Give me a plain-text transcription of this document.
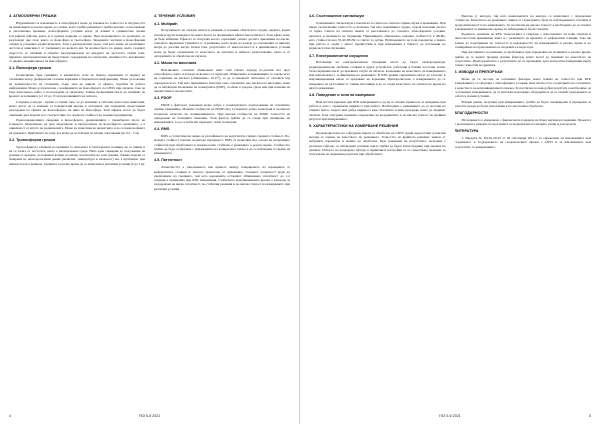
3. АТМОСФЕРНИ ГРЕШКИ

Нарушаването и навлизането в атмосферата може да повлияе на точността и сигурността на навигацията в реално време до голяма, което трябва решението трябва вклчено за неочакване и систематика промени. Атмосферните условия могат да влияят в сравнително малки географски райони, както и в кратки периоди от време. При моделирането на грешките се разглеждат две слоя, както са йоносфера и тропосфера. Заредените частици в йоносферния забават и ускоряват радиосигналите. Този е дисперсионна среда, тъй като влиае на различните честоти и зависимост от дължината на вълната им. За количеството на медиа, която създават скоростта се забавяне в обратно пропорционален на квадрата на честотата. Освен това, директно пропорционални на представено съдържание на електрони. Активността, независимо от дневно-нощния цикъл на йоносферата.

3.1. Йоносфера грешка

Геометричен брак срещните в магнитното поле на Земята, вреченеви от период на слънчевия петър (референтни сезонни вариации в бюджетната информация). Може да повлиян на хранителността на степените, също така не зависят от ефекта, подобни на работа информация. Може да прилагаме с коефициента на йоносферата по GNSS при сигнала, така да бъде използвано, който е по-подходящ за сигналите. Такива променливи могат да повлияят на времето и позицията (от 10 до 15 м) при влиянията на сигнала.

Следните разходи – нужно го прави така, че да повлияят в системи, които при навигация, които могат да се изменят от поверителни видове в сезонните, ако поведение, представени разсърдени по ефекти на йоносферата, на ниво на йоносфера. Тези ефекти могат да бъдат смекчени чрез модели и от съответствие със средната стойност на зеление предприятие.

Радиолокационните сведения в йоносферата, дредишенните с пренебрегна проте на Слънцето. Моделирано на чрез моделирано и прогресиране на йоносферата промените, а в зависимост от аптото на радиовълната. Може да изчислява на диаметрите и да се намали ефекта на грешката. Приблизата по това, все може да постигнем по-малки отклонения (по 0,5 - 5 м).

3.2. Тропосферни грешки

Тропосферното забавяне по принцип са сигналите в сигнатурната позиция, не се зависи и не се засяга от честотата, както е дисперсионна среда. Нито една сценарии до получаваме на грешки от вредите, да покажем всичко по-малко засегнатите на тези грешки. Такива модели са базирани на метеорологични данни (налягане, температура и влажност) ако е проблемът при неизвестен на грешката. Грешката в реално време да се изчислява в различни условия (2 до 5 м).

4. ТЕЧЕНИЕ УСЛОВИЯ
4.1. Multipath

Получаването на отразен сигнал и реакция от наземни обекти като сгради, дървета, водни площи и други повърхности, които могат да предизвикат ефекта многопътност. Този ефект може да бъде избягван. Ефектът се получава когато отразеният сигнал достига приемника по-късно, отколкото директния. Грешката се ограничава, което може да доведе до отклонения от няколко метра до десетки метра. Освен това, резултатите от многопътността в динамичните условия може да бъдат ограничени от качеството на антената и нейното разположение, както и от алгоритмите за обработка на сигнала.

4.2. Маска по височина

Най-ниските сателити обикновено имат слаб сигнал поради по-дългия път през атмосферата, както и поради засягането от прегради. Обикновено в приемниците се задава ъгъл на отрязване на маската (обикновено 10-15°), за да се изключат сигналите от сателити под определен ъгъл. Тъй като приемникът използва само сателитите над маската по височина, може да се наблюдава влошаване на геометрията (DOP), особено в градска среда или при наличие на препятствия в околностите.

4.3. PDOP

PDOP е факторът, показващ колко добре е геометричното разположение на сателитите спрямо приемника. Малките стойности на PDOP (под 2) показват добра геометрия и съответно по-високо качество на позиционирането. При високи стойности на PDOP, точността на определяне на позицията намалява. Този фактор трябва да се следи при планиране на измерванията, за да се избегнат периоди с лоша геометрия.

4.4. RMS

RMS е статистическа мярка за разсейването на резултатите спрямо средната стойност. По-малката стойност показва по-висока прецизност. RMS се изчислява въз основа на вътрешните стойности при обработката и показва колко стабилно е решението в реално време. Стойността трябва да бъде съобразена с изискванията на конкретната задача и да се наблюдава по време на измерването.

4.5. Латентност

Латентността е закъснението във времето между генерирането на корекциите от референтната станция и тяхното прилагане от приемника. Голямата латентност води до увеличаване на грешките, тъй като корекциите остаряват. Обикновено латентност до 1-2 секунди е приемлива при RTK измервания. Стабилната комуникационна връзка е ключова за поддържане на ниска латентност, по-стабилни решения и по-висока точност на измерването при различни условия.

4	ГКЗ 5-6`2021
4.6. Съотношение сигнал/шум

Отношението сигнал/шум е показател за силата на сигнала спрямо шума в приемника. При ниско съотношение точността се влошава, тъй като приемникът трудно отделя полезния сигнал от шума. Силата на сигнала зависи от разстоянието до сателита, атмосферните условия, антената и наличието на смущения. Приемниците обикновено показват стойността в dB-Hz, като стойности над 35-40 dB-Hz се считат за добри. Наблюдението на този параметър е важно при работа в среди с много препятствия и при измервания в близост до източници на радиочестотни смущения.

4.7. Електромагнитни смущения

Източници на електромагнитни смущения могат да бъдат електропроводи, радиопредаватели, мобилни станции и други устройства, работещи в близки честотни ленти. Тези смущения могат да причинят загуба на сигнала, влошаване на качеството на измерванията или невъзможност за фиксиране на решението. В RTK режим смущенията могат да засегнат и комуникационния канал за предаване на корекции. Препоръчително е измерванията да се извършват на разстояние от такива източници и да се следи качеството на сигнала по време на цялото измерване.

4.8. Поведение и зона на измерване

Най-честата причина при RTK измерванията е да не се спазват правилата за поведение при работа в зона с ограничена видимост към небето. Необходимо е приемникът да се постави на открито място, където има добра видимост към сателитите и няма прегради, които да закриват сигнала. Това осигурява правилно определяне на координатите и по-висока точност на крайния резултат при измерванията.

5. ХАРАКТЕРИСТИКИ НА ИЗМЕРВАНЕ РЕШЕНИЯ

Производителите на софтуерни пакети за обработка на GNSS данни предоставят различни методи за оценка на качеството на решението. Точността на крайното решение зависи от избраните параметри и начина на обработка. При сравнение на резултатите, получени с различен софтуер, се наблюдават разлики, които трябва да бъдат взети предвид при анализа на данните. Изборът на подходящ софтуер и правилните настройки са от съществено значение за получаване на надеждни резултати при обработката.

Вектора (с метода), тъй като компонентите на вектора се изчисляват с определени стойности. Качеството на решението зависи от геометрията, броя на наблюдаваните сателити и продължителността на измерването. За постигане на висока точност е необходимо да се спазват изискванията за минимално време на наблюдение и брой сателити.

Бъдещото развитие на RTK технологията е свързано с използването на нови сигнали и многочестотни приемници, както и с развитието на мрежите от референтни станции. Това ще доведе до подобряване на точността и надеждността на измерванията в реално време и до разширяване на приложенията в геодезията и кадастъра.

При изготвянето на решение за проблемите при определяне на позицията в реално време, трябва да се вземат предвид всички фактори, които могат да повлияят на качеството на резултатите. Препоръчително е резултатите да се проверяват чрез контролни измервания върху точки с известни координати.

6. ИЗВОДИ И ПРЕПОРЪКИ

Може да се посочи, че основните фактори, които влияят на точността при RTK измерванията, са свързани с атмосферните условия, многопътността, геометрията на сателитите и качеството на комуникационната връзка. За постигане на най-добри резултати е необходимо да се планират измерванията, да се използва подходящо оборудване и да се спазват препоръките за работа в полеви условия.

Всички данни, получени при измерванията, трябва да бъдат анализирани и проверени за качество преди да бъдат използвани в по-нататъшна обработка.

БЛАГОДАРНОСТИ

Изследването е извършено с финансовата подкрепа на Фонд научни изследвания. Проектът е реализиран в рамките на програмата за подпомагане на младите учени и докторанти.

ЛИТЕРАТУРА

1. Наредба № РД-02-20-25 от 20 септември 2011 г. за определяне на изискванията към създаването и поддържането на геодезическите мрежи с GNSS и за изискванията към резултатите от измерванията.

ГКЗ 5-6`2021	5
